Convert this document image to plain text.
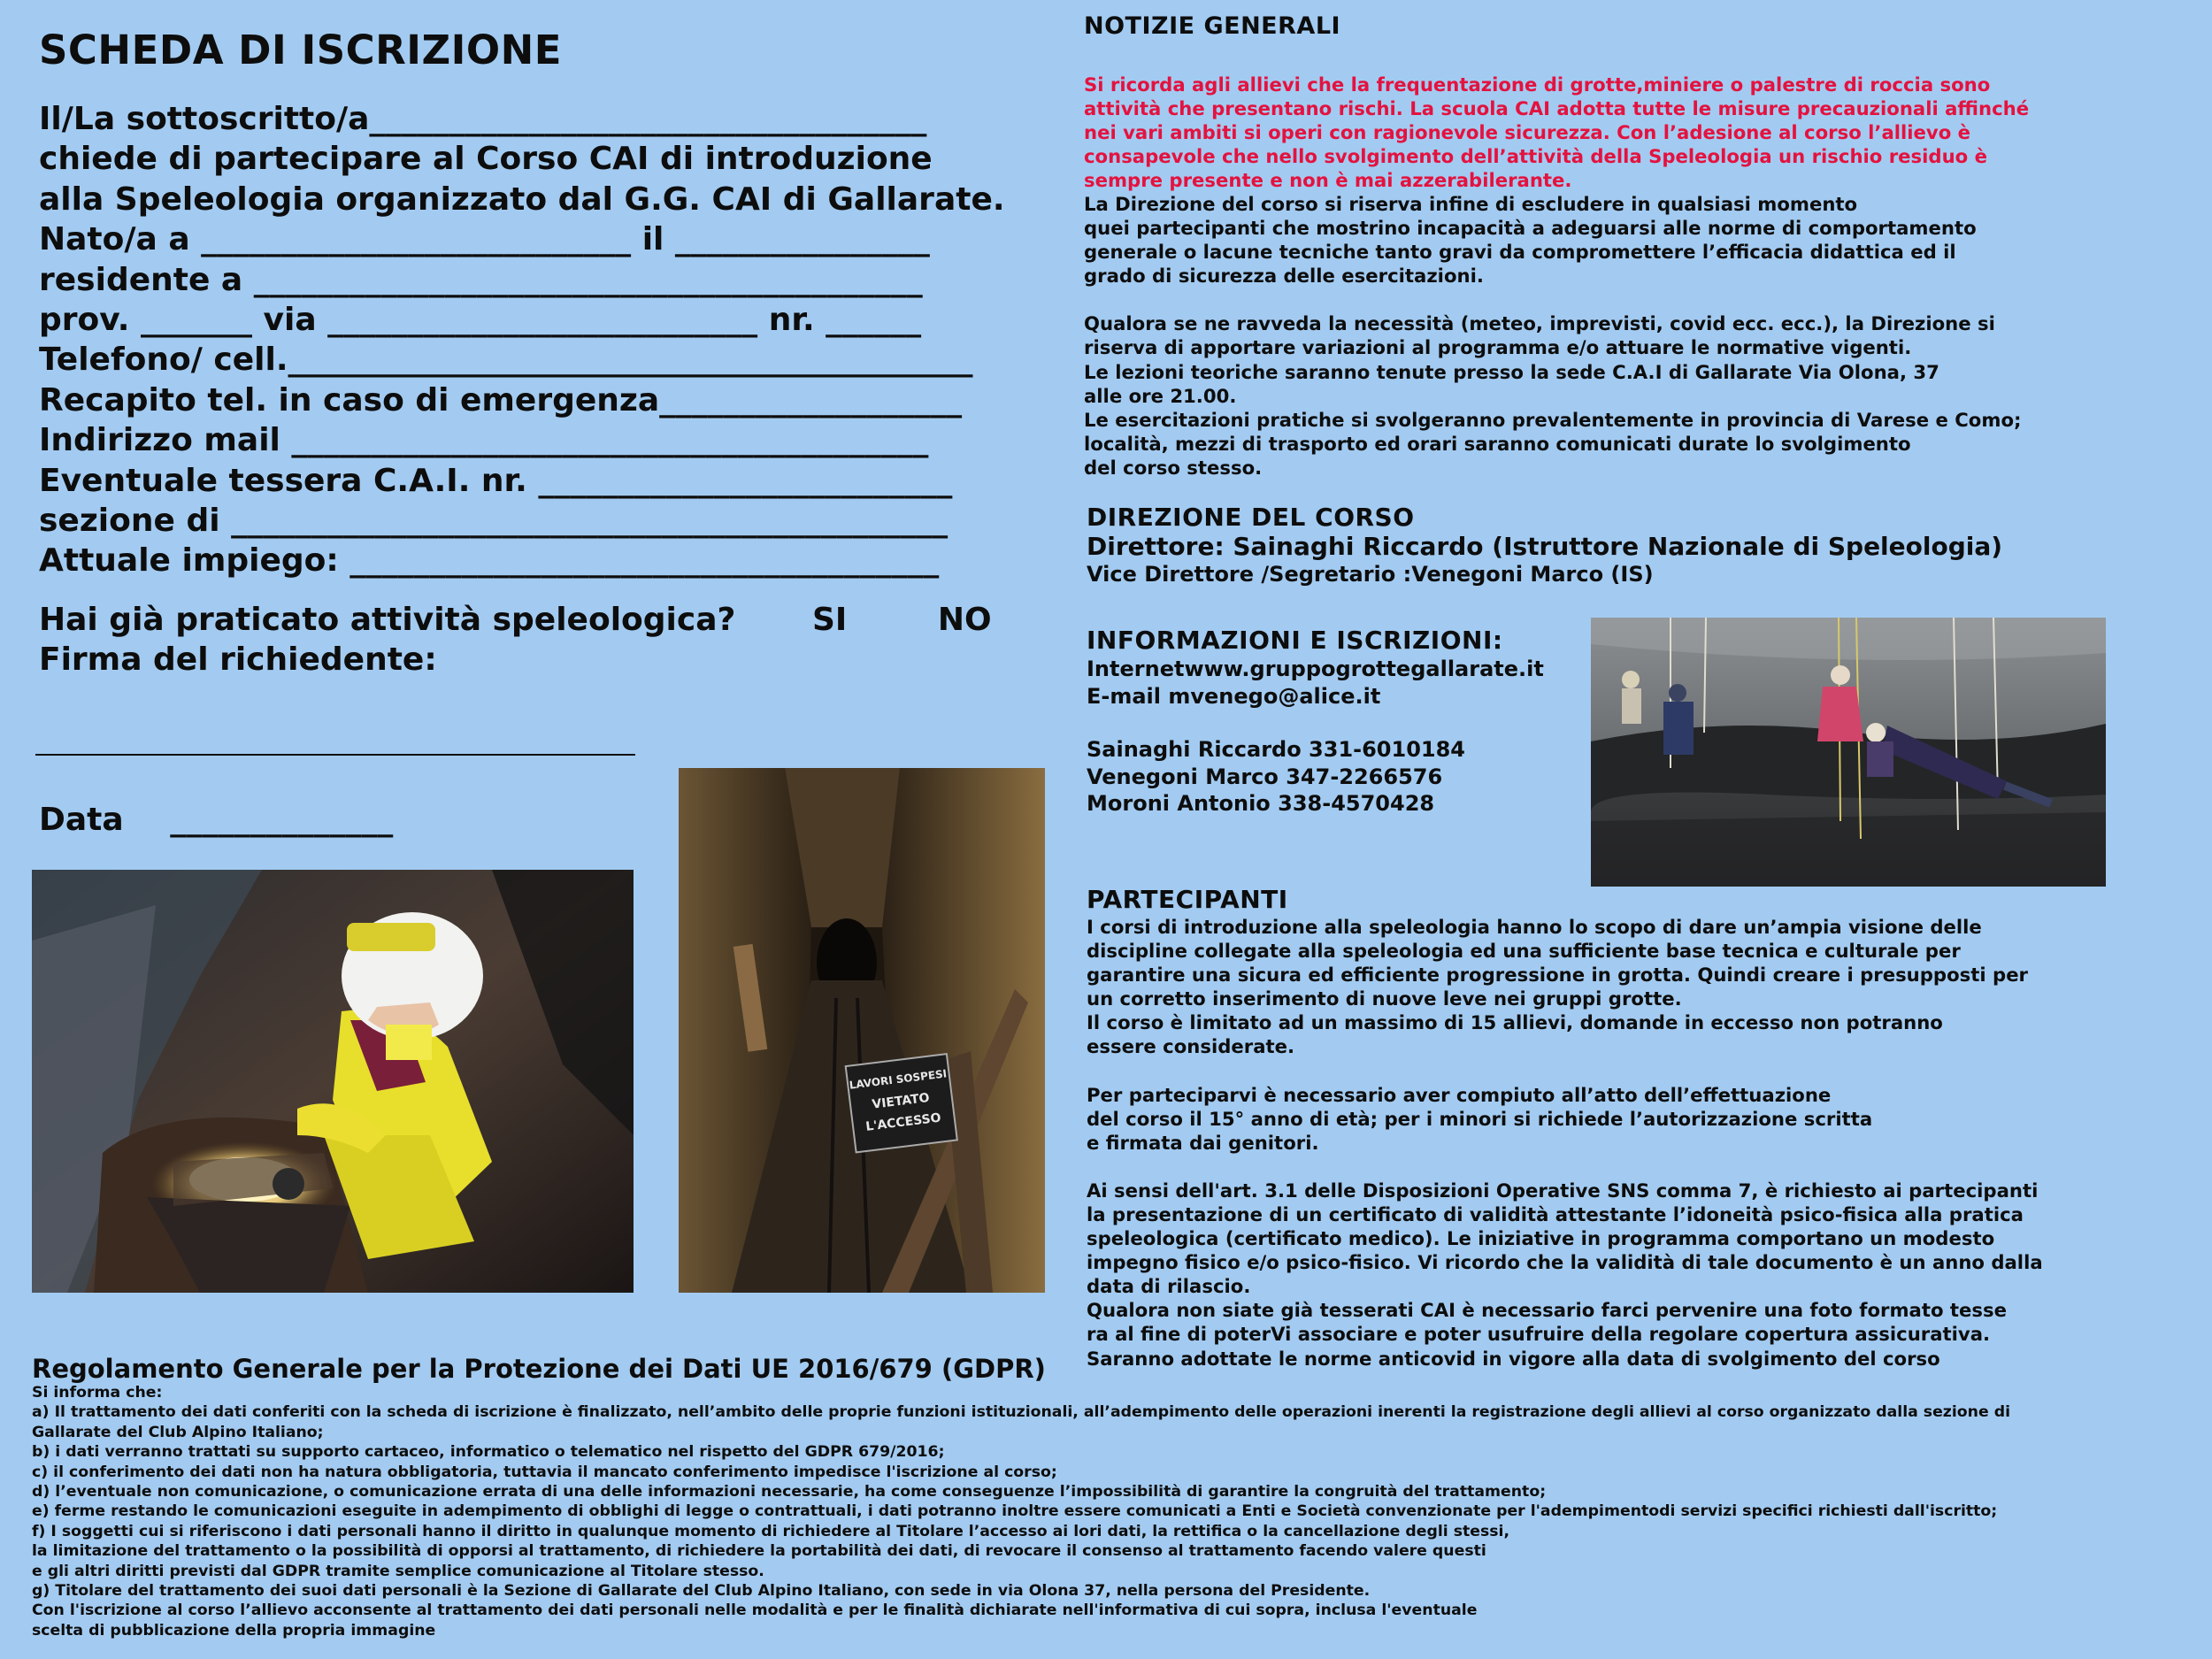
SCHEDA DI ISCRIZIONE
Il/La sottoscritto/a___________________________________
chiede di partecipare al Corso CAI di introduzione
alla Speleologia organizzato dal G.G. CAI di Gallarate.
Nato/a a ___________________________ il ________________
residente a __________________________________________
prov. _______ via ___________________________ nr. ______
Telefono/ cell.___________________________________________
Recapito tel. in caso di emergenza___________________
Indirizzo mail ________________________________________
Eventuale tessera C.A.I. nr. __________________________
sezione di _____________________________________________
Attuale impiego: _____________________________________
Hai già praticato attività speleologica? SI	NO
Firma del richiedente:
Data ______________
LAVORI SOSPESI
VIETATO
L'ACCESSO
NOTIZIE GENERALI
Si ricorda agli allievi che la frequentazione di grotte,miniere o palestre di roccia sono
attività che presentano rischi. La scuola CAI adotta tutte le misure precauzionali affinché
nei vari ambiti si operi con ragionevole sicurezza. Con l’adesione al corso l’allievo è
consapevole che nello svolgimento dell’attività della Speleologia un rischio residuo è
sempre presente e non è mai azzerabilerante.
La Direzione del corso si riserva infine di escludere in qualsiasi momento
quei partecipanti che mostrino incapacità a adeguarsi alle norme di comportamento
generale o lacune tecniche tanto gravi da compromettere l’efficacia didattica ed il
grado di sicurezza delle esercitazioni.
Qualora se ne ravveda la necessità (meteo, imprevisti, covid ecc. ecc.), la Direzione si
riserva di apportare variazioni al programma e/o attuare le normative vigenti.
Le lezioni teoriche saranno tenute presso la sede C.A.I di Gallarate Via Olona, 37
alle ore 21.00.
Le esercitazioni pratiche si svolgeranno prevalentemente in provincia di Varese e Como;
località, mezzi di trasporto ed orari saranno comunicati durate lo svolgimento
del corso stesso.
DIREZIONE DEL CORSO
Direttore: Sainaghi Riccardo (Istruttore Nazionale di Speleologia)
Vice Direttore /Segretario :Venegoni Marco (IS)
INFORMAZIONI E ISCRIZIONI:
Internetwww.gruppogrottegallarate.it
E-mail mvenego@alice.it
Sainaghi Riccardo 331-6010184
Venegoni Marco 347-2266576
Moroni Antonio 338-4570428
PARTECIPANTI
I corsi di introduzione alla speleologia hanno lo scopo di dare un’ampia visione delle
discipline collegate alla speleologia ed una sufficiente base tecnica e culturale per
garantire una sicura ed efficiente progressione in grotta. Quindi creare i presupposti per
un corretto inserimento di nuove leve nei gruppi grotte.
Il corso è limitato ad un massimo di 15 allievi, domande in eccesso non potranno
essere considerate.
Per parteciparvi è necessario aver compiuto all’atto dell’effettuazione
del corso il 15° anno di età; per i minori si richiede l’autorizzazione scritta
e firmata dai genitori.
Ai sensi dell'art. 3.1 delle Disposizioni Operative SNS comma 7, è richiesto ai partecipanti
la presentazione di un certificato di validità attestante l’idoneità psico-fisica alla pratica
speleologica (certificato medico). Le iniziative in programma comportano un modesto
impegno fisico e/o psico-fisico. Vi ricordo che la validità di tale documento è un anno dalla
data di rilascio.
Qualora non siate già tesserati CAI è necessario farci pervenire una foto formato tesse
ra al fine di poterVi associare e poter usufruire della regolare copertura assicurativa.
Saranno adottate le norme anticovid in vigore alla data di svolgimento del corso
Regolamento Generale per la Protezione dei Dati UE 2016/679 (GDPR)
Si informa che:
a) Il trattamento dei dati conferiti con la scheda di iscrizione è finalizzato, nell’ambito delle proprie funzioni istituzionali, all’adempimento delle operazioni inerenti la registrazione degli allievi al corso organizzato dalla sezione di
Gallarate del Club Alpino Italiano;
b) i dati verranno trattati su supporto cartaceo, informatico o telematico nel rispetto del GDPR 679/2016;
c) il conferimento dei dati non ha natura obbligatoria, tuttavia il mancato conferimento impedisce l'iscrizione al corso;
d) l’eventuale non comunicazione, o comunicazione errata di una delle informazioni necessarie, ha come conseguenze l’impossibilità di garantire la congruità del trattamento;
e) ferme restando le comunicazioni eseguite in adempimento di obblighi di legge o contrattuali, i dati potranno inoltre essere comunicati a Enti e Società convenzionate per l'adempimentodi servizi specifici richiesti dall'iscritto;
f) I soggetti cui si riferiscono i dati personali hanno il diritto in qualunque momento di richiedere al Titolare l’accesso ai lori dati, la rettifica o la cancellazione degli stessi,
la limitazione del trattamento o la possibilità di opporsi al trattamento, di richiedere la portabilità dei dati, di revocare il consenso al trattamento facendo valere questi
e gli altri diritti previsti dal GDPR tramite semplice comunicazione al Titolare stesso.
g) Titolare del trattamento dei suoi dati personali è la Sezione di Gallarate del Club Alpino Italiano, con sede in via Olona 37, nella persona del Presidente.
Con l'iscrizione al corso l’allievo acconsente al trattamento dei dati personali nelle modalità e per le finalità dichiarate nell'informativa di cui sopra, inclusa l'eventuale
scelta di pubblicazione della propria immagine
